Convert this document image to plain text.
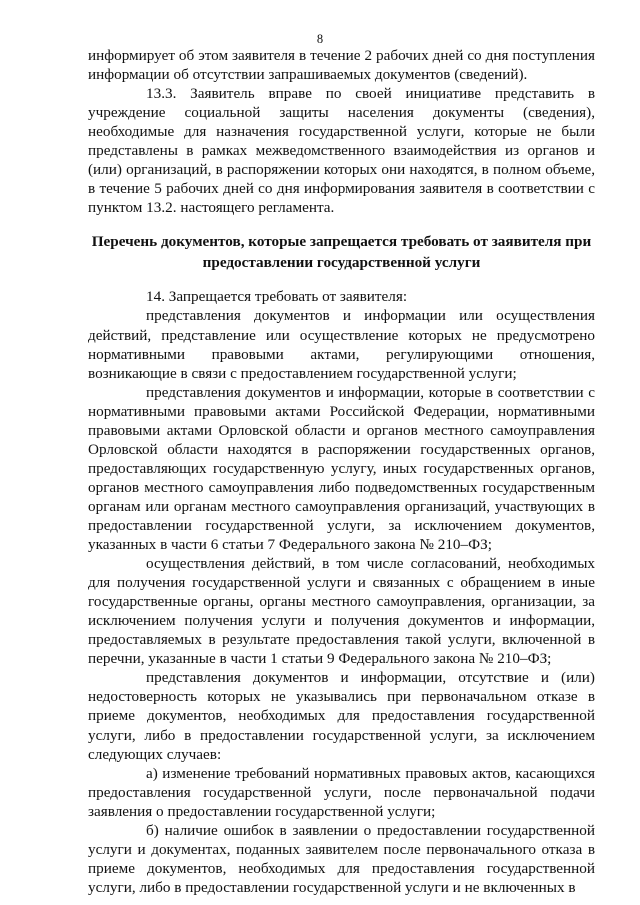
8

информирует об этом заявителя в течение 2 рабочих дней со дня поступления информации об отсутствии запрашиваемых документов (сведений).

13.3. Заявитель вправе по своей инициативе представить в учреждение социальной защиты населения документы (сведения), необходимые для назначения государственной услуги, которые не были представлены в рамках межведомственного взаимодействия из органов и (или) организаций, в распоряжении которых они находятся, в полном объеме, в течение 5 рабочих дней со дня информирования заявителя в соответствии с пунктом 13.2. настоящего регламента.

Перечень документов, которые запрещается требовать от заявителя при предоставлении государственной услуги

14. Запрещается требовать от заявителя:

представления документов и информации или осуществления действий, представление или осуществление которых не предусмотрено нормативными правовыми актами, регулирующими отношения, возникающие в связи с предоставлением государственной услуги;

представления документов и информации, которые в соответствии с нормативными правовыми актами Российской Федерации, нормативными правовыми актами Орловской области и органов местного самоуправления Орловской области находятся в распоряжении государственных органов, предоставляющих государственную услугу, иных государственных органов, органов местного самоуправления либо подведомственных государственным органам или органам местного самоуправления организаций, участвующих в предоставлении государственной услуги, за исключением документов, указанных в части 6 статьи 7 Федерального закона № 210–ФЗ;

осуществления действий, в том числе согласований, необходимых для получения государственной услуги и связанных с обращением в иные государственные органы, органы местного самоуправления, организации, за исключением получения услуги и получения документов и информации, предоставляемых в результате предоставления такой услуги, включенной в перечни, указанные в части 1 статьи 9 Федерального закона № 210–ФЗ;

представления документов и информации, отсутствие и (или) недостоверность которых не указывались при первоначальном отказе в приеме документов, необходимых для предоставления государственной услуги, либо в предоставлении государственной услуги, за исключением следующих случаев:

а) изменение требований нормативных правовых актов, касающихся предоставления государственной услуги, после первоначальной подачи заявления о предоставлении государственной услуги;

б) наличие ошибок в заявлении о предоставлении государственной услуги и документах, поданных заявителем после первоначального отказа в приеме документов, необходимых для предоставления государственной услуги, либо в предоставлении государственной услуги и не включенных в
